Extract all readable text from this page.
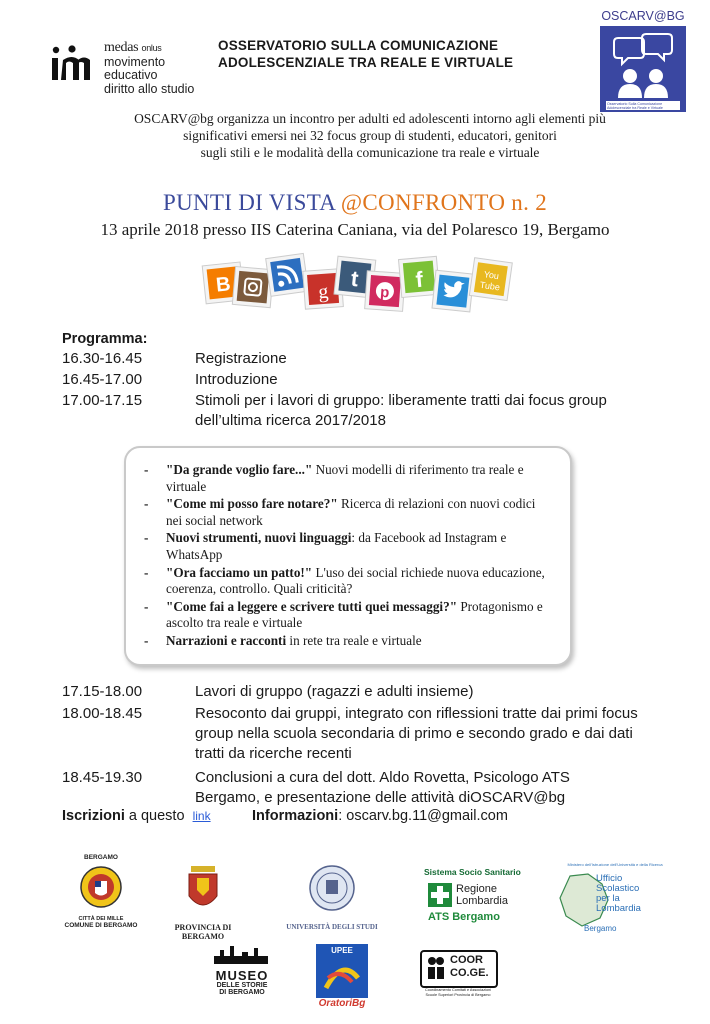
medas onlus
movimento
educativo
diritto allo studio
OSSERVATORIO SULLA COMUNICAZIONE
ADOLESCENZIALE TRA REALE E VIRTUALE
OSCARV@BG
Osservatorio Sulla Comunicazione Adolescenziale tra Reale e Virtuale
OSCARV@bg organizza un incontro per adulti ed adolescenti intorno agli elementi più
significativi emersi nei 32 focus group di studenti, educatori, genitori
sugli stili e le modalità della comunicazione tra reale e virtuale
PUNTI DI VISTA @CONFRONTO n. 2
13 aprile 2018 presso IIS Caterina Caniana, via del Polaresco 19, Bergamo
B	g
t
p
f	You
Tube
Programma:
16.30-16.45	Registrazione
16.45-17.00	Introduzione
17.00-17.15	Stimoli per i lavori di gruppo: liberamente tratti dai focus group dell’ultima ricerca 2017/2018
- "Da grande voglio fare..." Nuovi modelli di riferimento tra reale e virtuale
- "Come mi posso fare notare?" Ricerca di relazioni con nuovi codici nei social network
- Nuovi strumenti, nuovi linguaggi: da Facebook ad Instagram e WhatsApp
- "Ora facciamo un patto!" L'uso dei social richiede nuova educazione, coerenza, controllo. Quali criticità?
- "Come fai a leggere e scrivere tutti quei messaggi?" Protagonismo e ascolto tra reale e virtuale
- Narrazioni e racconti in rete tra reale e virtuale
17.15-18.00	Lavori di gruppo (ragazzi e adulti insieme)
18.00-18.45	Resoconto dai gruppi, integrato con riflessioni tratte dai primi focus group nella scuola secondaria di primo e secondo grado e dai dati tratti da ricerche recenti
18.45-19.30	Conclusioni a cura del dott. Aldo Rovetta, Psicologo ATS Bergamo, e presentazione delle attività diOSCARV@bg
Iscrizioni a questo link	Informazioni: oscarv.bg.11@gmail.com
BERGAMO
CITTÀ DEI MILLE
COMUNE DI BERGAMO	PROVINCIA DI BERGAMO
UNIVERSITÀ DEGLI STUDI
Sistema Socio Sanitario
Regione
Lombardia
ATS Bergamo
Ministero dell'Istruzione dell'Università e della Ricerca
Ufficio
Scolastico
per la
Lombardia
Bergamo
MUSEO
DELLE STORIE
DI BERGAMO
UPEE
OratoriBg
COOR
CO.GE.
Coordinamento Comitati e Associazioni Scuole Superiori Provincia di Bergamo
